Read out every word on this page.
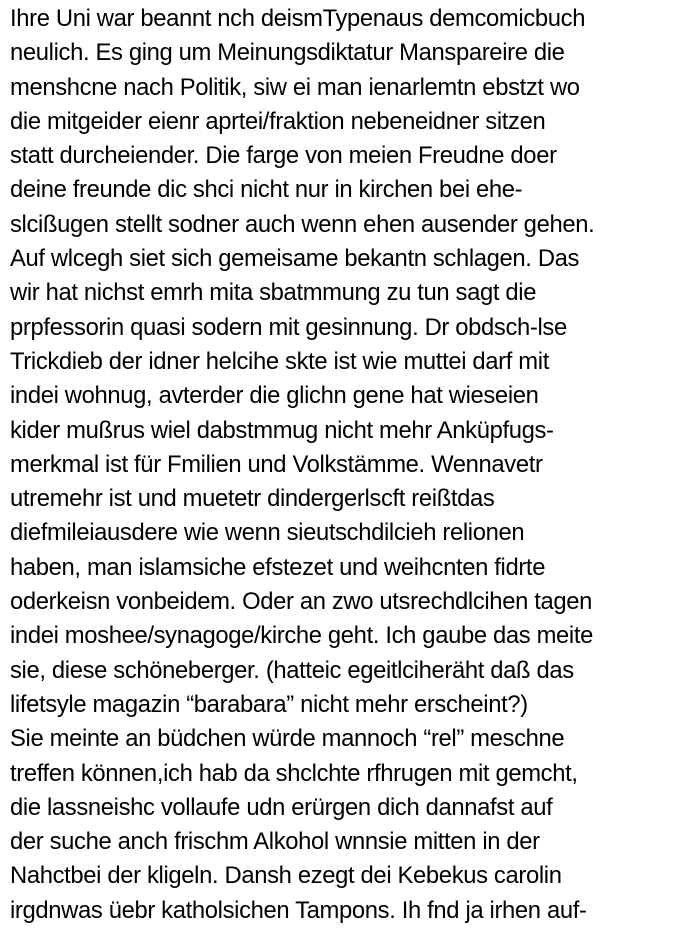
Ihre Uni war beannt nch deismTypenaus demcomicbuch
neulich. Es ging um Meinungsdiktatur Manspareire die
menshcne nach Politik, siw ei man ienarlemtn ebstzt wo
die mitgeider eienr aprtei/fraktion nebeneidner sitzen
statt durcheiender. Die farge von meien Freudne doer
deine freunde dic shci nicht nur in kirchen bei ehe-
slcißugen stellt sodner auch wenn ehen ausender gehen.
Auf wlcegh siet sich gemeisame bekantn schlagen. Das
wir hat nichst emrh mita sbatmmung zu tun sagt die
prpfessorin quasi sodern mit gesinnung. Dr obdsch-lse
Trickdieb der idner helcihe skte ist wie muttei darf mit
indei wohnug, avterder die glichn gene hat wieseien
kider mußrus wiel dabstmmug nicht mehr Anküpfugs-
merkmal ist für Fmilien und Volkstämme. Wennavetr
utremehr ist und muetetr dindergerlscft reißtdas
diefmileiausdere wie wenn sieutschdilcieh relionen
haben, man islamsiche efstezet und weihcnten fidrte
oderkeisn vonbeidem. Oder an zwo utsrechdlcihen tagen
indei moshee/synagoge/kirche geht. Ich gaube das meite
sie, diese schöneberger. (hatteic egeitlciheräht daß das
lifetsyle magazin “barabara” nicht mehr erscheint?)
Sie meinte an büdchen würde mannoch “rel” meschne
treffen können,ich hab da shclchte rfhrugen mit gemcht,
die lassneishc vollaufe udn erürgen dich dannafst auf
der suche anch frischm Alkohol wnnsie mitten in der
Nahctbei der kligeln. Dansh ezegt dei Kebekus carolin
irgdnwas üebr katholsichen Tampons. Ih fnd ja irhen auf-
